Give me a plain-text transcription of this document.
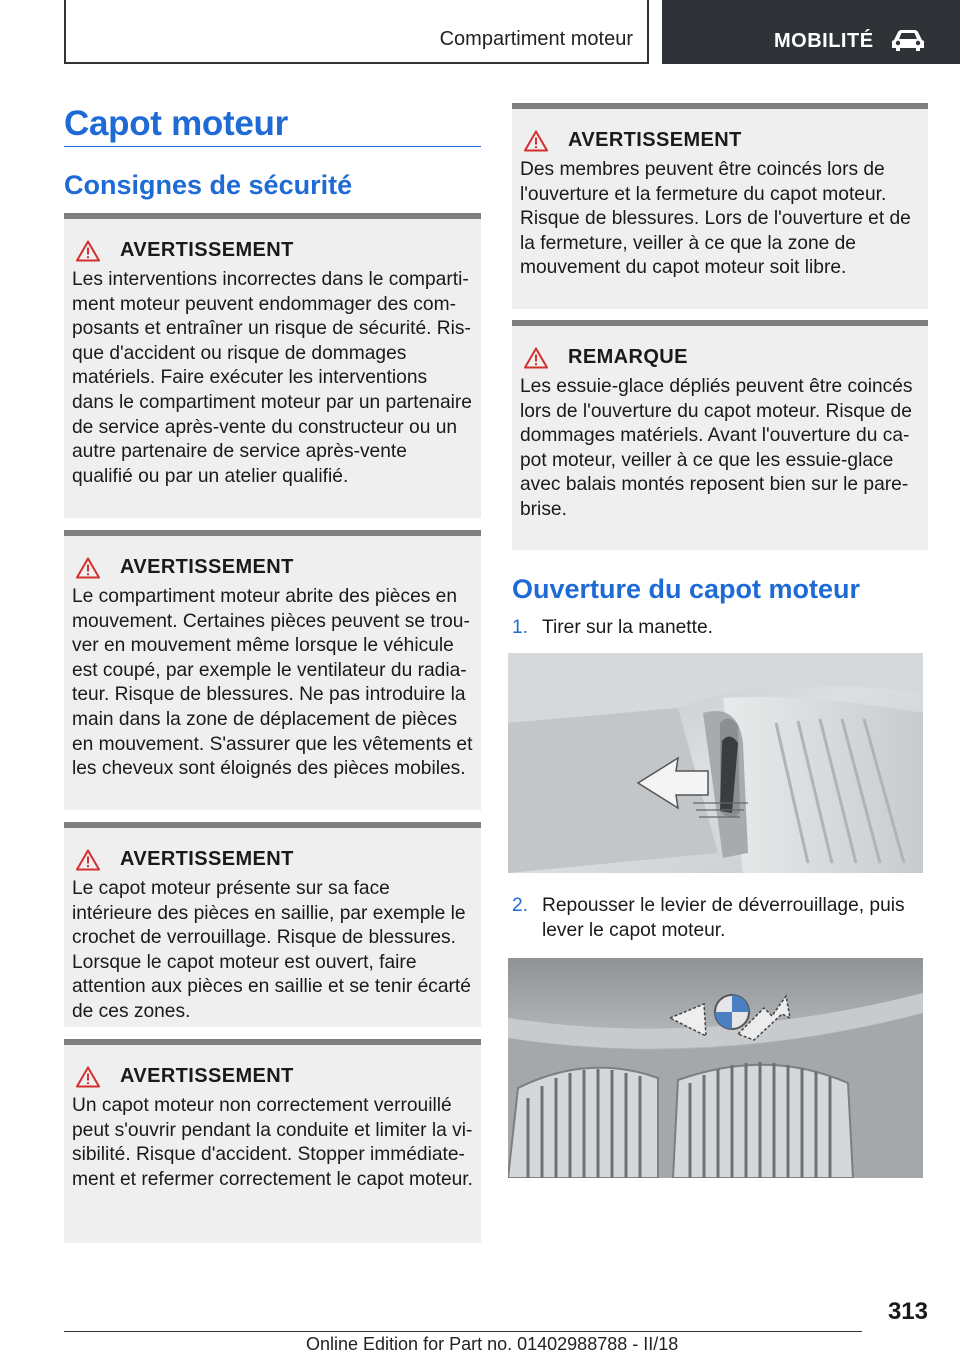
Compartiment moteur	MOBILITÉ
Capot moteur
Consignes de sécurité
AVERTISSEMENT
Les interventions incorrectes dans le compartiment moteur peuvent endommager des composants et entraîner un risque de sécurité. Risque d'accident ou risque de dommages matériels. Faire exécuter les interventions dans le compartiment moteur par un partenaire de service après-vente du constructeur ou un autre partenaire de service après-vente qualifié ou par un atelier qualifié.
AVERTISSEMENT
Le compartiment moteur abrite des pièces en mouvement. Certaines pièces peuvent se trouver en mouvement même lorsque le véhicule est coupé, par exemple le ventilateur du radiateur. Risque de blessures. Ne pas introduire la main dans la zone de déplacement de pièces en mouvement. S'assurer que les vêtements et les cheveux sont éloignés des pièces mobiles.
AVERTISSEMENT
Le capot moteur présente sur sa face intérieure des pièces en saillie, par exemple le crochet de verrouillage. Risque de blessures. Lorsque le capot moteur est ouvert, faire attention aux pièces en saillie et se tenir écarté de ces zones.
AVERTISSEMENT
Un capot moteur non correctement verrouillé peut s'ouvrir pendant la conduite et limiter la visibilité. Risque d'accident. Stopper immédiatement et refermer correctement le capot moteur.
AVERTISSEMENT
Des membres peuvent être coincés lors de l'ouverture et la fermeture du capot moteur. Risque de blessures. Lors de l'ouverture et de la fermeture, veiller à ce que la zone de mouvement du capot moteur soit libre.
REMARQUE
Les essuie-glace dépliés peuvent être coincés lors de l'ouverture du capot moteur. Risque de dommages matériels. Avant l'ouverture du capot moteur, veiller à ce que les essuie-glace avec balais montés reposent bien sur le pare-brise.
Ouverture du capot moteur
1. Tirer sur la manette.
2. Repousser le levier de déverrouillage, puis lever le capot moteur.
313
Online Edition for Part no. 01402988788 - II/18
